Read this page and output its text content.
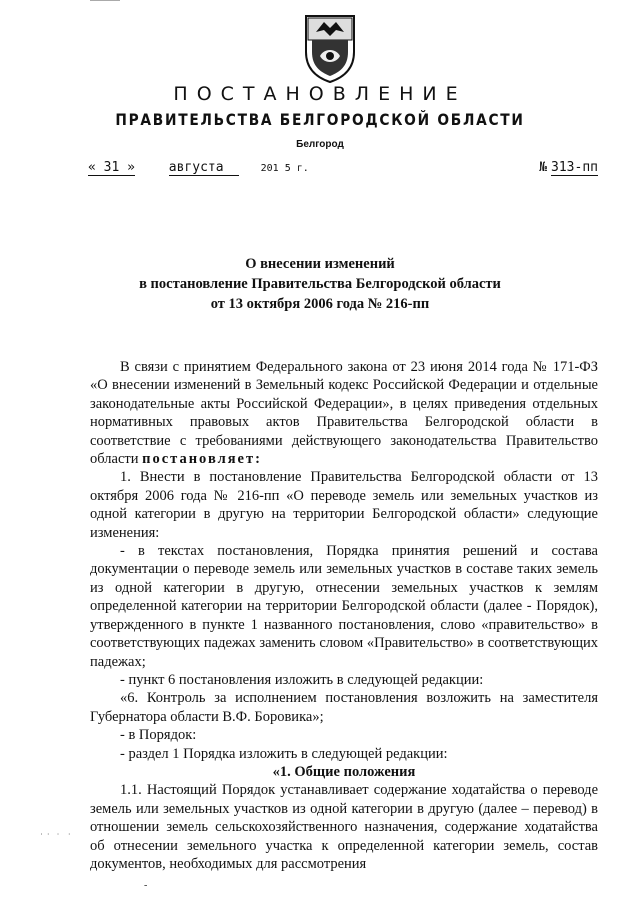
ПОСТАНОВЛЕНИЕ
ПРАВИТЕЛЬСТВА БЕЛГОРОДСКОЙ ОБЛАСТИ
Белгород
« 31 »	августа	201 5 г.	№ 313-пп
О внесении изменений
в постановление Правительства Белгородской области
от 13 октября 2006 года № 216-пп

В связи с принятием Федерального закона от 23 июня 2014 года № 171-ФЗ «О внесении изменений в Земельный кодекс Российской Федерации и отдельные законодательные акты Российской Федерации», в целях приведения отдельных нормативных правовых актов Правительства Белгородской области в соответствие с требованиями действующего законодательства Правительство области постановляет:

1. Внести в постановление Правительства Белгородской области от 13 октября 2006 года № 216-пп «О переводе земель или земельных участков из одной категории в другую на территории Белгородской области» следующие изменения:

- в текстах постановления, Порядка принятия решений и состава документации о переводе земель или земельных участков в составе таких земель из одной категории в другую, отнесении земельных участков к землям определенной категории на территории Белгородской области (далее - Порядок), утвержденного в пункте 1 названного постановления, слово «правительство» в соответствующих падежах заменить словом «Правительство» в соответствующих падежах;

- пункт 6 постановления изложить в следующей редакции:

«6. Контроль за исполнением постановления возложить на заместителя Губернатора области В.Ф. Боровика»;

- в Порядок:

- раздел 1 Порядка изложить в следующей редакции:

«1. Общие положения

1.1. Настоящий Порядок устанавливает содержание ходатайства о переводе земель или земельных участков из одной категории в другую (далее – перевод) в отношении земель сельскохозяйственного назначения, содержание ходатайства об отнесении земельного участка к определенной категории земель, состав документов, необходимых для рассмотрения

˙ ̇ ˙ ˙
-
